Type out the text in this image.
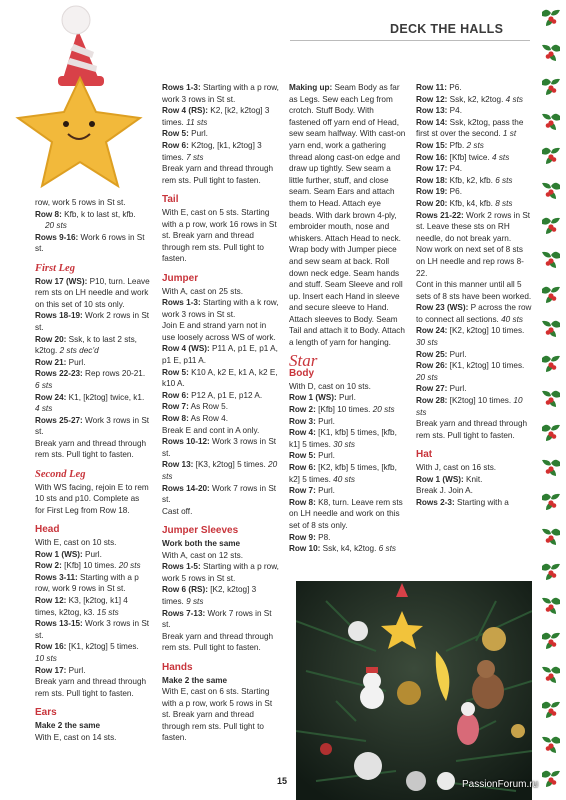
DECK THE HALLS

row, work 5 rows in St st.

Row 8: Kfb, k to last st, kfb.

20 sts

Rows 9-16: Work 6 rows in St st.

First Leg

Row 17 (WS): P10, turn. Leave rem sts on LH needle and work on this set of 10 sts only.

Rows 18-19: Work 2 rows in St st.

Row 20: Ssk, k to last 2 sts, k2tog. 2 sts dec’d

Row 21: Purl.

Rows 22-23: Rep rows 20-21. 6 sts

Row 24: K1, [k2tog] twice, k1. 4 sts

Rows 25-27: Work 3 rows in St st.

Break yarn and thread through rem sts. Pull tight to fasten.

Second Leg

With WS facing, rejoin E to rem 10 sts and p10. Complete as for First Leg from Row 18.

Head

With E, cast on 10 sts.

Row 1 (WS): Purl.

Row 2: [Kfb] 10 times. 20 sts

Rows 3-11: Starting with a p row, work 9 rows in St st.

Row 12: K3, [k2tog, k1] 4 times, k2tog, k3. 15 sts

Rows 13-15: Work 3 rows in St st.

Row 16: [K1, k2tog] 5 times. 10 sts

Row 17: Purl.

Break yarn and thread through rem sts. Pull tight to fasten.

Ears

Make 2 the same

With E, cast on 14 sts.

Rows 1-3: Starting with a p row, work 3 rows in St st.

Row 4 (RS): K2, [k2, k2tog] 3 times. 11 sts

Row 5: Purl.

Row 6: K2tog, [k1, k2tog] 3 times. 7 sts

Break yarn and thread through rem sts. Pull tight to fasten.

Tail

With E, cast on 5 sts. Starting with a p row, work 16 rows in St st. Break yarn and thread through rem sts. Pull tight to fasten.

Jumper

With A, cast on 25 sts.

Rows 1-3: Starting with a k row, work 3 rows in St st.

Join E and strand yarn not in use loosely across WS of work.

Row 4 (WS): P11 A, p1 E, p1 A, p1 E, p11 A.

Row 5: K10 A, k2 E, k1 A, k2 E, k10 A.

Row 6: P12 A, p1 E, p12 A.

Row 7: As Row 5.

Row 8: As Row 4.

Break E and cont in A only.

Rows 10-12: Work 3 rows in St st.

Row 13: [K3, k2tog] 5 times. 20 sts

Rows 14-20: Work 7 rows in St st.

Cast off.

Jumper Sleeves

Work both the same

With A, cast on 12 sts.

Rows 1-5: Starting with a p row, work 5 rows in St st.

Row 6 (RS): [K2, k2tog] 3 times. 9 sts

Rows 7-13: Work 7 rows in St st.

Break yarn and thread through rem sts. Pull tight to fasten.

Hands

Make 2 the same

With E, cast on 6 sts. Starting with a p row, work 5 rows in St st. Break yarn and thread through rem sts. Pull tight to fasten.

Making up: Seam Body as far as Legs. Sew each Leg from crotch. Stuff Body. With fastened off yarn end of Head, sew seam halfway. With cast-on yarn end, work a gathering thread along cast-on edge and draw up tightly. Sew seam a little further, stuff, and close seam. Seam Ears and attach them to Head. Attach eye beads. With dark brown 4-ply, embroider mouth, nose and whiskers. Attach Head to neck. Wrap body with Jumper piece and sew seam at back. Roll down neck edge. Seam hands and stuff. Seam Sleeve and roll up. Insert each Hand in sleeve and secure sleeve to Hand. Attach sleeves to Body. Seam Tail and attach it to Body. Attach a length of yarn for hanging.

Star

Body

With D, cast on 10 sts.

Row 1 (WS): Purl.

Row 2: [Kfb] 10 times. 20 sts

Row 3: Purl.

Row 4: [K1, kfb] 5 times, [kfb, k1] 5 times. 30 sts

Row 5: Purl.

Row 6: [K2, kfb] 5 times, [kfb, k2] 5 times. 40 sts

Row 7: Purl.

Row 8: K8, turn. Leave rem sts on LH needle and work on this set of 8 sts only.

Row 9: P8.

Row 10: Ssk, k4, k2tog. 6 sts

Row 11: P6.

Row 12: Ssk, k2, k2tog. 4 sts

Row 13: P4.

Row 14: Ssk, k2tog, pass the first st over the second. 1 st

Row 15: Pfb. 2 sts

Row 16: [Kfb] twice. 4 sts

Row 17: P4.

Row 18: Kfb, k2, kfb. 6 sts

Row 19: P6.

Row 20: Kfb, k4, kfb. 8 sts

Rows 21-22: Work 2 rows in St st. Leave these sts on RH needle, do not break yarn.

Now work on next set of 8 sts on LH needle and rep rows 8-22.

Cont in this manner until all 5 sets of 8 sts have been worked.

Row 23 (WS): P across the row to connect all sections. 40 sts

Row 24: [K2, k2tog] 10 times. 30 sts

Row 25: Purl.

Row 26: [K1, k2tog] 10 times. 20 sts

Row 27: Purl.

Row 28: [K2tog] 10 times. 10 sts

Break yarn and thread through rem sts. Pull tight to fasten.

Hat

With J, cast on 16 sts.

Row 1 (WS): Knit.

Break J. Join A.

Rows 2-3: Starting with a

15	PassionForum.ru
